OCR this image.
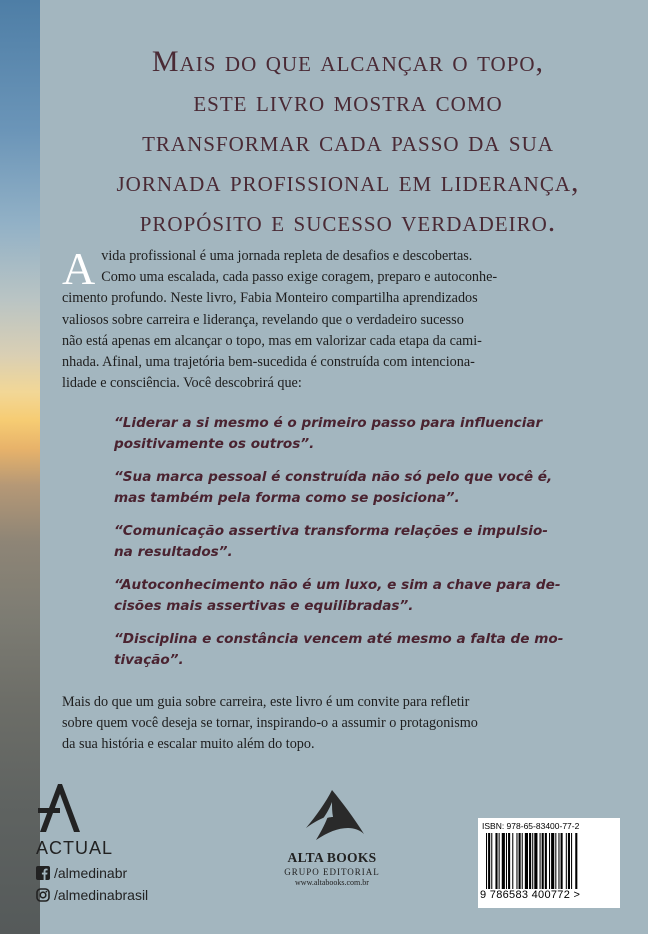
Mais do que alcançar o topo,
este livro mostra como
transformar cada passo da sua
jornada profissional em liderança,
propósito e sucesso verdadeiro.
A vida profissional é uma jornada repleta de desafios e descobertas.
Como uma escalada, cada passo exige coragem, preparo e autoconhe-
cimento profundo. Neste livro, Fabia Monteiro compartilha aprendizados
valiosos sobre carreira e liderança, revelando que o verdadeiro sucesso
não está apenas em alcançar o topo, mas em valorizar cada etapa da cami-
nhada. Afinal, uma trajetória bem-sucedida é construída com intenciona-
lidade e consciência. Você descobrirá que:
“Liderar a si mesmo é o primeiro passo para influenciar
positivamente os outros”.
“Sua marca pessoal é construída não só pelo que você é,
mas também pela forma como se posiciona”.
“Comunicação assertiva transforma relações e impulsio-
na resultados”.
“Autoconhecimento não é um luxo, e sim a chave para de-
cisões mais assertivas e equilibradas”.
“Disciplina e constância vencem até mesmo a falta de mo-
tivação”.
Mais do que um guia sobre carreira, este livro é um convite para refletir
sobre quem você deseja se tornar, inspirando-o a assumir o protagonismo
da sua história e escalar muito além do topo.
ACTUAL
/almedinabr
/almedinabrasil
ALTA BOOKS
GRUPO EDITORIAL
www.altabooks.com.br
ISBN: 978-65-83400-77-2
9 786583 400772 >
